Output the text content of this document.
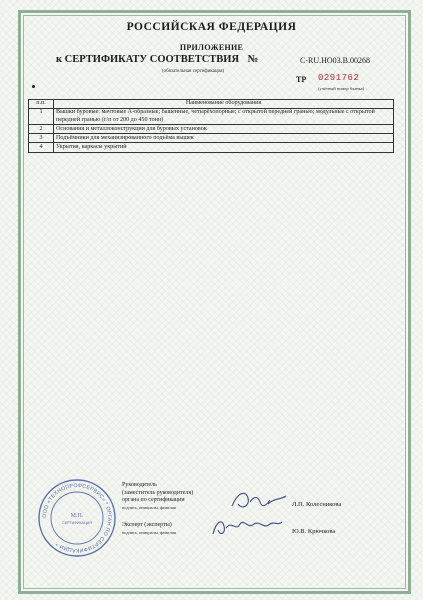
РОССИЙСКАЯ ФЕДЕРАЦИЯ
ПРИЛОЖЕНИЕ
к СЕРТИФИКАТУ СООТВЕТСТВИЯ №	C-RU.HO03.B.00268
(обязательная сертификация)
ТР 0291762
(учётный номер бланка)
п.п.	Наименование оборудования
1	Вышки буровые: мачтовые А-образные; башенные, четырёхопорные; с открытой передней гранью; модульные с открытой передней гранью (г/п от 200 до 450 тонн)
2	Основания и металлоконструкции для буровых установок
3	Подъёмники для механизированного подъёма вышек
4	Укрытия, каркасы укрытий
ООО «ТЕХНОПРОФСЕРВИС» * ОРГАН ПО СЕРТИФИКАЦИИ *
М.П.
СЕРТИФИКАЦИЯ
Руководитель
(заместитель руководителя)
органа по сертификации
подпись, инициалы, фамилия	Л.П. Колесникова
Эксперт (эксперты)
подпись, инициалы, фамилия	Ю.В. Крючкова
